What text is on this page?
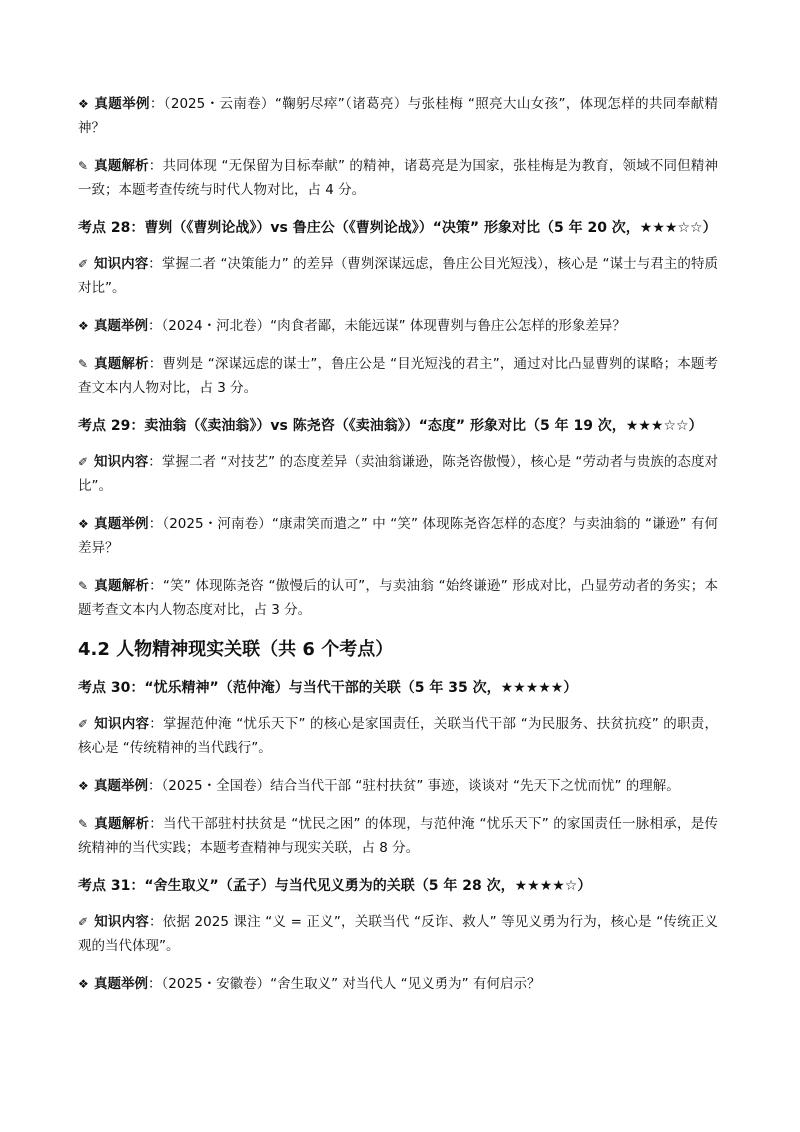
❖ 真题举例：（2025・云南卷）“鞠躬尽瘁”（诸葛亮）与张桂梅 “照亮大山女孩”，体现怎样的共同奉献精神？

✎ 真题解析：共同体现 “无保留为目标奉献” 的精神，诸葛亮是为国家，张桂梅是为教育，领域不同但精神一致；本题考查传统与时代人物对比，占 4 分。

考点 28：曹刿（《曹刿论战》）vs 鲁庄公（《曹刿论战》）“决策” 形象对比（5 年 20 次，★★★☆☆）

✐ 知识内容：掌握二者 “决策能力” 的差异（曹刿深谋远虑，鲁庄公目光短浅），核心是 “谋士与君主的特质对比”。

❖ 真题举例：（2024・河北卷）“肉食者鄙，未能远谋” 体现曹刿与鲁庄公怎样的形象差异？

✎ 真题解析：曹刿是 “深谋远虑的谋士”，鲁庄公是 “目光短浅的君主”，通过对比凸显曹刿的谋略；本题考查文本内人物对比，占 3 分。

考点 29：卖油翁（《卖油翁》）vs 陈尧咨（《卖油翁》）“态度” 形象对比（5 年 19 次，★★★☆☆）

✐ 知识内容：掌握二者 “对技艺” 的态度差异（卖油翁谦逊，陈尧咨傲慢），核心是 “劳动者与贵族的态度对比”。

❖ 真题举例：（2025・河南卷）“康肃笑而遣之” 中 “笑” 体现陈尧咨怎样的态度？与卖油翁的 “谦逊” 有何差异？

✎ 真题解析：“笑” 体现陈尧咨 “傲慢后的认可”，与卖油翁 “始终谦逊” 形成对比，凸显劳动者的务实；本题考查文本内人物态度对比，占 3 分。

4.2 人物精神现实关联（共 6 个考点）
考点 30：“忧乐精神”（范仲淹）与当代干部的关联（5 年 35 次，★★★★★）

✐ 知识内容：掌握范仲淹 “忧乐天下” 的核心是家国责任，关联当代干部 “为民服务、扶贫抗疫” 的职责，核心是 “传统精神的当代践行”。

❖ 真题举例：（2025・全国卷）结合当代干部 “驻村扶贫” 事迹，谈谈对 “先天下之忧而忧” 的理解。

✎ 真题解析：当代干部驻村扶贫是 “忧民之困” 的体现，与范仲淹 “忧乐天下” 的家国责任一脉相承，是传统精神的当代实践；本题考查精神与现实关联，占 8 分。

考点 31：“舍生取义”（孟子）与当代见义勇为的关联（5 年 28 次，★★★★☆）

✐ 知识内容：依据 2025 课注 “义 = 正义”，关联当代 “反诈、救人” 等见义勇为行为，核心是 “传统正义观的当代体现”。

❖ 真题举例：（2025・安徽卷）“舍生取义” 对当代人 “见义勇为” 有何启示？
